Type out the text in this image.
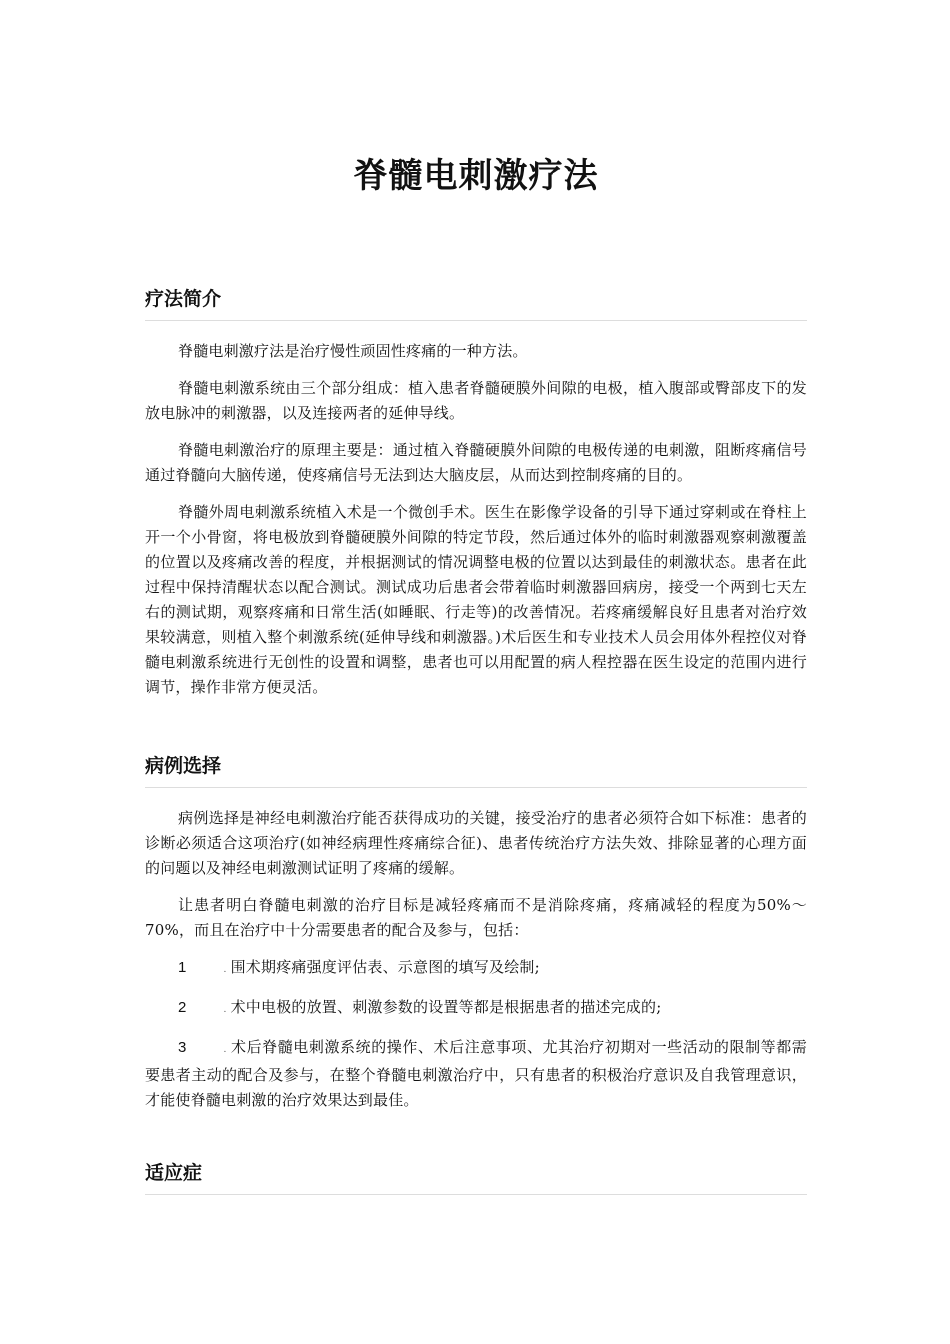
脊髓电刺激疗法
疗法简介

脊髓电刺激疗法是治疗慢性顽固性疼痛的一种方法。

脊髓电刺激系统由三个部分组成：植入患者脊髓硬膜外间隙的电极，植入腹部或臀部皮下的发放电脉冲的刺激器，以及连接两者的延伸导线。

脊髓电刺激治疗的原理主要是：通过植入脊髓硬膜外间隙的电极传递的电刺激，阻断疼痛信号通过脊髓向大脑传递，使疼痛信号无法到达大脑皮层，从而达到控制疼痛的目的。

脊髓外周电刺激系统植入术是一个微创手术。医生在影像学设备的引导下通过穿刺或在脊柱上开一个小骨窗，将电极放到脊髓硬膜外间隙的特定节段，然后通过体外的临时刺激器观察刺激覆盖的位置以及疼痛改善的程度，并根据测试的情况调整电极的位置以达到最佳的刺激状态。患者在此过程中保持清醒状态以配合测试。测试成功后患者会带着临时刺激器回病房，接受一个两到七天左右的测试期，观察疼痛和日常生活(如睡眠、行走等)的改善情况。若疼痛缓解良好且患者对治疗效果较满意，则植入整个刺激系统(延伸导线和刺激器。)术后医生和专业技术人员会用体外程控仪对脊髓电刺激系统进行无创性的设置和调整，患者也可以用配置的病人程控器在医生设定的范围内进行调节，操作非常方便灵活。

病例选择

病例选择是神经电刺激治疗能否获得成功的关键，接受治疗的患者必须符合如下标准：患者的诊断必须适合这项治疗(如神经病理性疼痛综合征)、患者传统治疗方法失效、排除显著的心理方面的问题以及神经电刺激测试证明了疼痛的缓解。

让患者明白脊髓电刺激的治疗目标是减轻疼痛而不是消除疼痛，疼痛减轻的程度为50%～70%，而且在治疗中十分需要患者的配合及参与，包括：

1	. 围术期疼痛强度评估表、示意图的填写及绘制;

2	. 术中电极的放置、刺激参数的设置等都是根据患者的描述完成的;

3	. 术后脊髓电刺激系统的操作、术后注意事项、尤其治疗初期对一些活动的限制等都需要患者主动的配合及参与，在整个脊髓电刺激治疗中，只有患者的积极治疗意识及自我管理意识，才能使脊髓电刺激的治疗效果达到最佳。

适应症
